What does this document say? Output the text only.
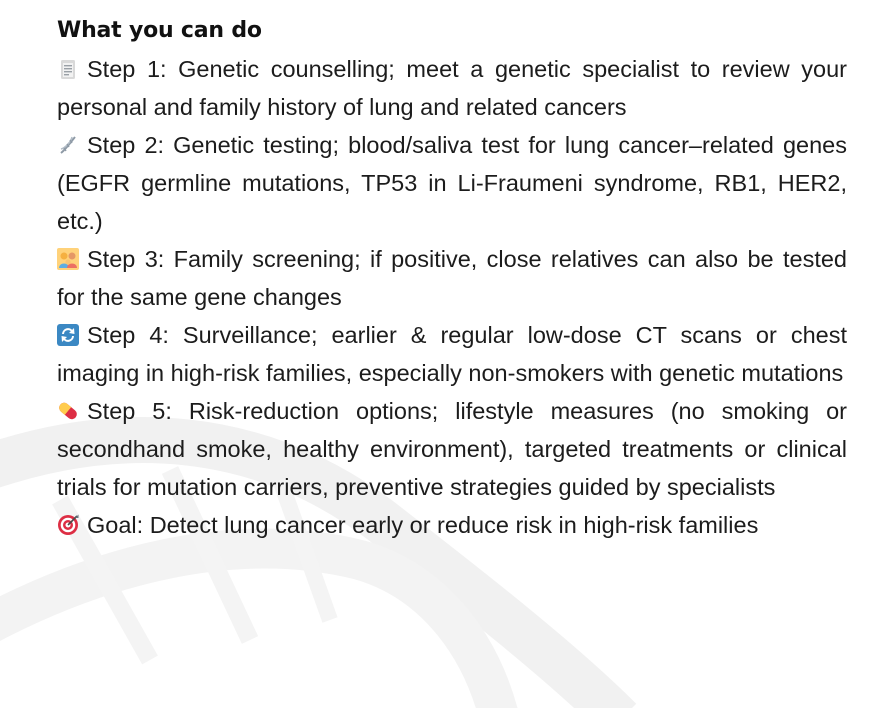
What you can do

Step 1: Genetic counselling; meet a genetic specialist to review your personal and family history of lung and related cancers

Step 2: Genetic testing; blood/saliva test for lung cancer–related genes (EGFR germline mutations, TP53 in Li-Fraumeni syndrome, RB1, HER2, etc.)

Step 3: Family screening; if positive, close relatives can also be tested for the same gene changes

Step 4: Surveillance; earlier & regular low-dose CT scans or chest imaging in high-risk families, especially non-smokers with genetic mutations

Step 5: Risk-reduction options; lifestyle measures (no smoking or secondhand smoke, healthy environment), targeted treatments or clinical trials for mutation carriers, preventive strategies guided by specialists

Goal: Detect lung cancer early or reduce risk in high-risk families
